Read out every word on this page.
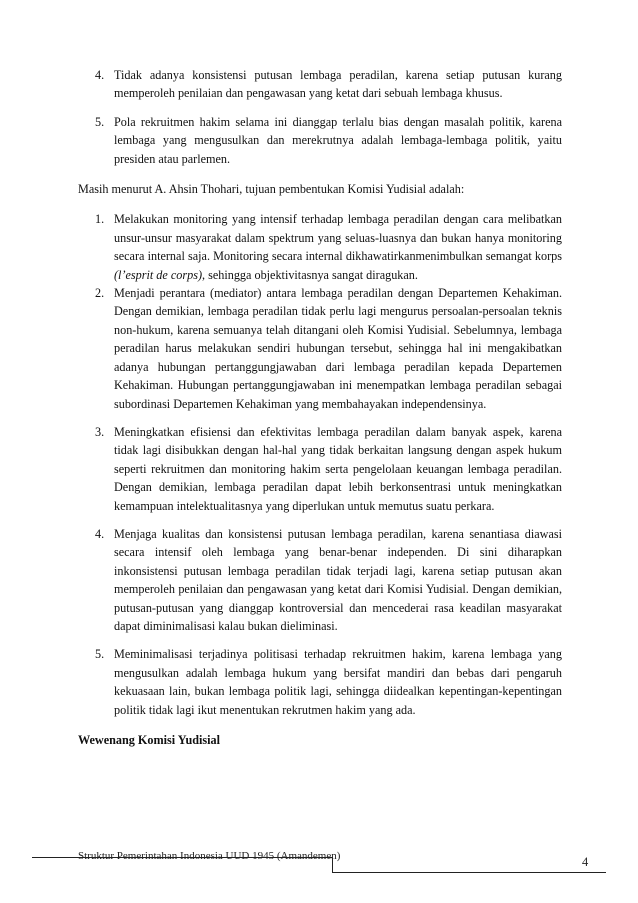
4. Tidak adanya konsistensi putusan lembaga peradilan, karena setiap putusan kurang memperoleh penilaian dan pengawasan yang ketat dari sebuah lembaga khusus.
5. Pola rekruitmen hakim selama ini dianggap terlalu bias dengan masalah politik, karena lembaga yang mengusulkan dan merekrutnya adalah lembaga-lembaga politik, yaitu presiden atau parlemen.

Masih menurut A. Ahsin Thohari, tujuan pembentukan Komisi Yudisial adalah:

1. Melakukan monitoring yang intensif terhadap lembaga peradilan dengan cara melibatkan unsur-unsur masyarakat dalam spektrum yang seluas-luasnya dan bukan hanya monitoring secara internal saja. Monitoring secara internal dikhawatirkanmenimbulkan semangat korps (l’esprit de corps), sehingga objektivitasnya sangat diragukan.
2. Menjadi perantara (mediator) antara lembaga peradilan dengan Departemen Kehakiman. Dengan demikian, lembaga peradilan tidak perlu lagi mengurus persoalan-persoalan teknis non-hukum, karena semuanya telah ditangani oleh Komisi Yudisial. Sebelumnya, lembaga peradilan harus melakukan sendiri hubungan tersebut, sehingga hal ini mengakibatkan adanya hubungan pertanggungjawaban dari lembaga peradilan kepada Departemen Kehakiman. Hubungan pertanggungjawaban ini menempatkan lembaga peradilan sebagai subordinasi Departemen Kehakiman yang membahayakan independensinya.
3. Meningkatkan efisiensi dan efektivitas lembaga peradilan dalam banyak aspek, karena tidak lagi disibukkan dengan hal-hal yang tidak berkaitan langsung dengan aspek hukum seperti rekruitmen dan monitoring hakim serta pengelolaan keuangan lembaga peradilan. Dengan demikian, lembaga peradilan dapat lebih berkonsentrasi untuk meningkatkan kemampuan intelektualitasnya yang diperlukan untuk memutus suatu perkara.
4. Menjaga kualitas dan konsistensi putusan lembaga peradilan, karena senantiasa diawasi secara intensif oleh lembaga yang benar-benar independen. Di sini diharapkan inkonsistensi putusan lembaga peradilan tidak terjadi lagi, karena setiap putusan akan memperoleh penilaian dan pengawasan yang ketat dari Komisi Yudisial. Dengan demikian, putusan-putusan yang dianggap kontroversial dan mencederai rasa keadilan masyarakat dapat diminimalisasi kalau bukan dieliminasi.
5. Meminimalisasi terjadinya politisasi terhadap rekruitmen hakim, karena lembaga yang mengusulkan adalah lembaga hukum yang bersifat mandiri dan bebas dari pengaruh kekuasaan lain, bukan lembaga politik lagi, sehingga diidealkan kepentingan-kepentingan politik tidak lagi ikut menentukan rekrutmen hakim yang ada.
Wewenang Komisi Yudisial
Struktur Pemerintahan Indonesia UUD 1945 (Amandemen)	4
